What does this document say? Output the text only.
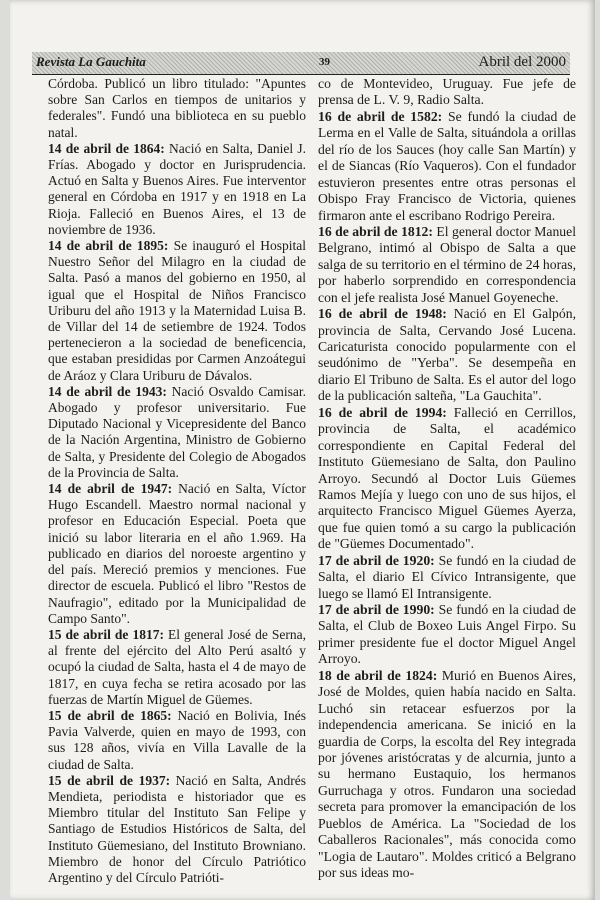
Revista La Gauchita	39	Abril del 2000

Córdoba. Publicó un libro titulado: "Apuntes sobre San Carlos en tiempos de unitarios y federales". Fundó una biblioteca en su pueblo natal.

14 de abril de 1864: Nació en Salta, Daniel J. Frías. Abogado y doctor en Jurisprudencia. Actuó en Salta y Buenos Aires. Fue interventor general en Córdoba en 1917 y en 1918 en La Rioja. Falleció en Buenos Aires, el 13 de noviembre de 1936.

14 de abril de 1895: Se inauguró el Hospital Nuestro Señor del Milagro en la ciudad de Salta. Pasó a manos del gobierno en 1950, al igual que el Hospital de Niños Francisco Uriburu del año 1913 y la Maternidad Luisa B. de Villar del 14 de setiembre de 1924. Todos pertenecieron a la sociedad de beneficencia, que estaban presididas por Carmen Anzoátegui de Aráoz y Clara Uriburu de Dávalos.

14 de abril de 1943: Nació Osvaldo Camisar. Abogado y profesor universitario. Fue Diputado Nacional y Vicepresidente del Banco de la Nación Argentina, Ministro de Gobierno de Salta, y Presidente del Colegio de Abogados de la Provincia de Salta.

14 de abril de 1947: Nació en Salta, Víctor Hugo Escandell. Maestro normal nacional y profesor en Educación Especial. Poeta que inició su labor literaria en el año 1.969. Ha publicado en diarios del noroeste argentino y del país. Mereció premios y menciones. Fue director de escuela. Publicó el libro "Restos de Naufragio", editado por la Municipalidad de Campo Santo".

15 de abril de 1817: El general José de Serna, al frente del ejército del Alto Perú asaltó y ocupó la ciudad de Salta, hasta el 4 de mayo de 1817, en cuya fecha se retira acosado por las fuerzas de Martín Miguel de Güemes.

15 de abril de 1865: Nació en Bolivia, Inés Pavia Valverde, quien en mayo de 1993, con sus 128 años, vivía en Villa Lavalle de la ciudad de Salta.

15 de abril de 1937: Nació en Salta, Andrés Mendieta, periodista e historiador que es Miembro titular del Instituto San Felipe y Santiago de Estudios Históricos de Salta, del Instituto Güemesiano, del Instituto Browniano. Miembro de honor del Círculo Patriótico Argentino y del Círculo Patrióti-

co de Montevideo, Uruguay. Fue jefe de prensa de L. V. 9, Radio Salta.

16 de abril de 1582: Se fundó la ciudad de Lerma en el Valle de Salta, situándola a orillas del río de los Sauces (hoy calle San Martín) y el de Siancas (Río Vaqueros). Con el fundador estuvieron presentes entre otras personas el Obispo Fray Francisco de Victoria, quienes firmaron ante el escribano Rodrigo Pereira.

16 de abril de 1812: El general doctor Manuel Belgrano, intimó al Obispo de Salta a que salga de su territorio en el término de 24 horas, por haberlo sorprendido en correspondencia con el jefe realista José Manuel Goyeneche.

16 de abril de 1948: Nació en El Galpón, provincia de Salta, Cervando José Lucena. Caricaturista conocido popularmente con el seudónimo de "Yerba". Se desempeña en diario El Tribuno de Salta. Es el autor del logo de la publicación salteña, "La Gauchita".

16 de abril de 1994: Falleció en Cerrillos, provincia de Salta, el académico correspondiente en Capital Federal del Instituto Güemesiano de Salta, don Paulino Arroyo. Secundó al Doctor Luis Güemes Ramos Mejía y luego con uno de sus hijos, el arquitecto Francisco Miguel Güemes Ayerza, que fue quien tomó a su cargo la publicación de "Güemes Documentado".

17 de abril de 1920: Se fundó en la ciudad de Salta, el diario El Cívico Intransigente, que luego se llamó El Intransigente.

17 de abril de 1990: Se fundó en la ciudad de Salta, el Club de Boxeo Luis Angel Firpo. Su primer presidente fue el doctor Miguel Angel Arroyo.

18 de abril de 1824: Murió en Buenos Aires, José de Moldes, quien había nacido en Salta. Luchó sin retacear esfuerzos por la independencia americana. Se inició en la guardia de Corps, la escolta del Rey integrada por jóvenes aristócratas y de alcurnia, junto a su hermano Eustaquio, los hermanos Gurruchaga y otros. Fundaron una sociedad secreta para promover la emancipación de los Pueblos de América. La "Sociedad de los Caballeros Racionales", más conocida como "Logia de Lautaro". Moldes criticó a Belgrano por sus ideas mo-
